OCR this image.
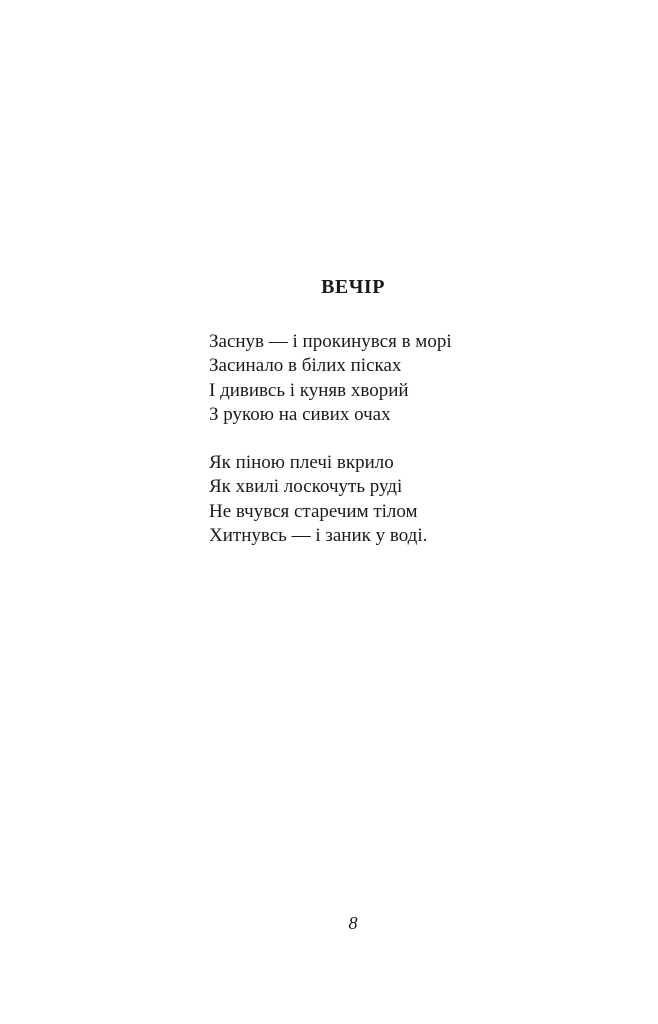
ВЕЧІР
Заснув — і прокинувся в морі
Засинало в білих пісках
І дививсь і куняв хворий
З рукою на сивих очах
Як піною плечі вкрило
Як хвилі лоскочуть руді
Не вчувся старечим тілом
Хитнувсь — і заник у воді.

8
